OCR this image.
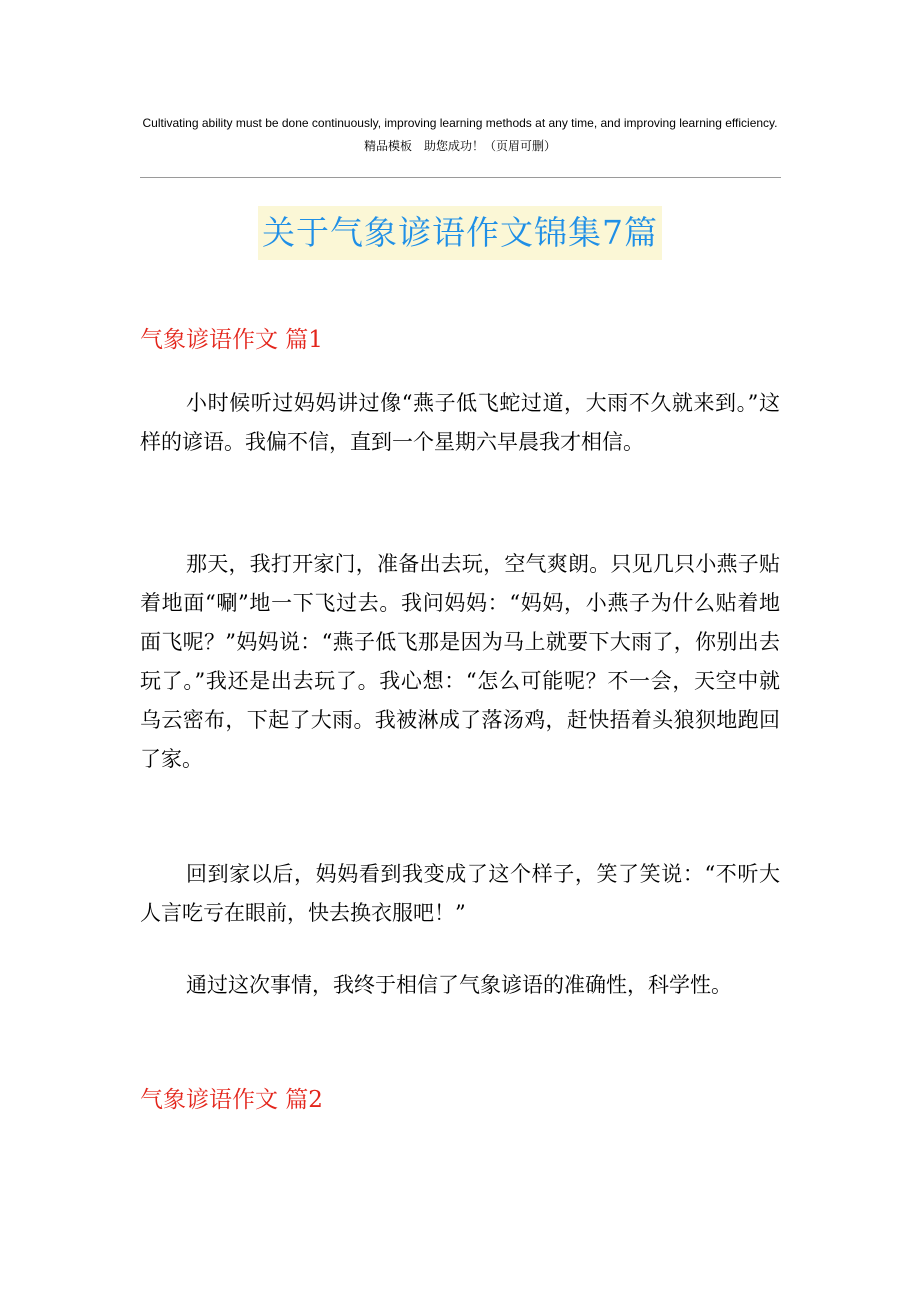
Cultivating ability must be done continuously, improving learning methods at any time, and improving learning efficiency.精品模板　助您成功！（页眉可删）
关于气象谚语作文锦集7篇
气象谚语作文 篇1

小时候听过妈妈讲过像“燕子低飞蛇过道，大雨不久就来到。”这样的谚语。我偏不信，直到一个星期六早晨我才相信。

那天，我打开家门，准备出去玩，空气爽朗。只见几只小燕子贴着地面“唰”地一下飞过去。我问妈妈：“妈妈，小燕子为什么贴着地面飞呢？”妈妈说：“燕子低飞那是因为马上就要下大雨了，你别出去玩了。”我还是出去玩了。我心想：“怎么可能呢？不一会，天空中就乌云密布，下起了大雨。我被淋成了落汤鸡，赶快捂着头狼狈地跑回了家。

回到家以后，妈妈看到我变成了这个样子，笑了笑说：“不听大人言吃亏在眼前，快去换衣服吧！”

通过这次事情，我终于相信了气象谚语的准确性，科学性。

气象谚语作文 篇2
